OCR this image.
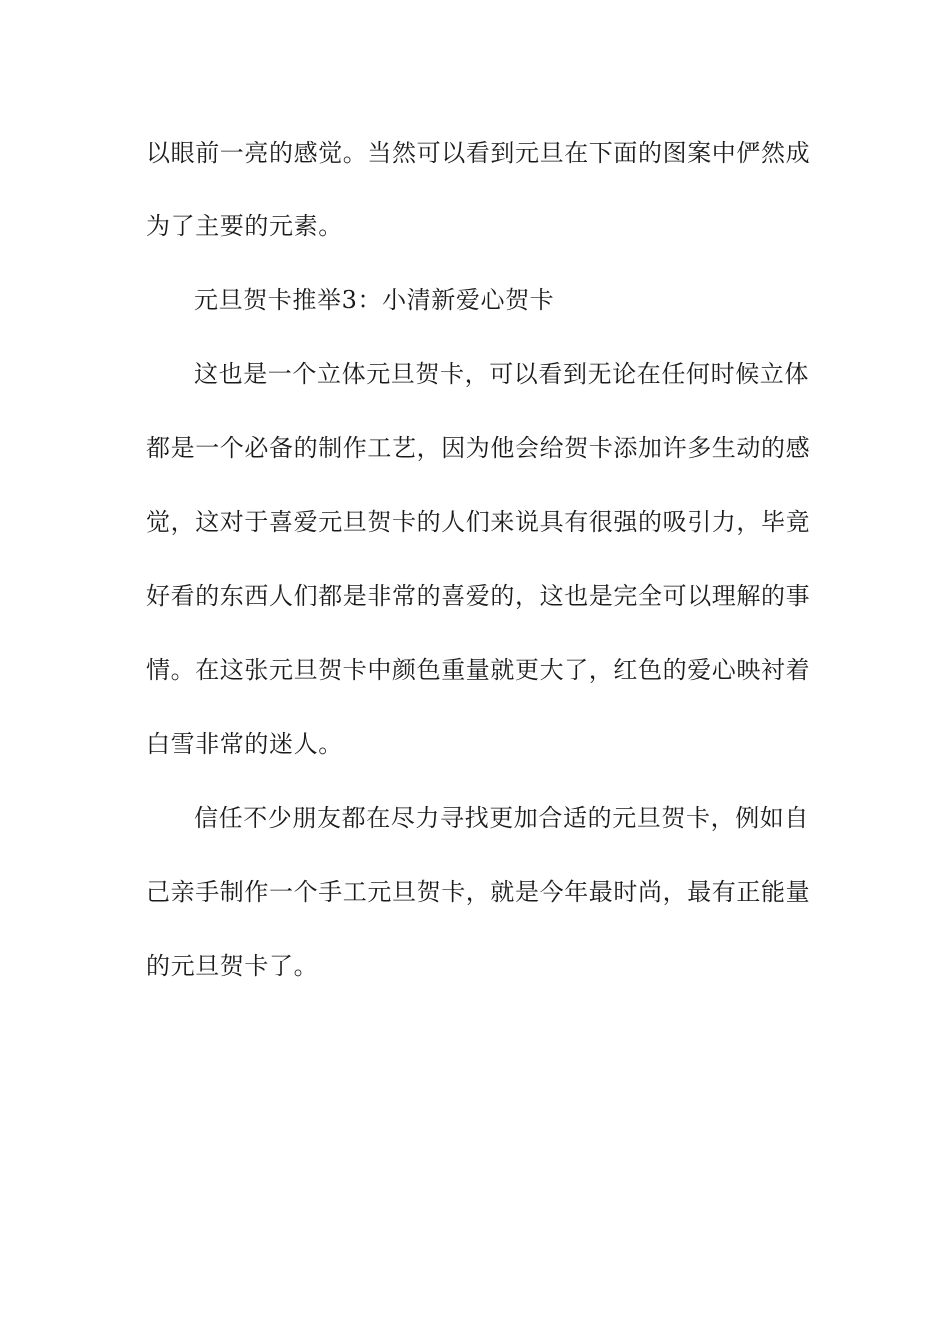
以眼前一亮的感觉。当然可以看到元旦在下面的图案中俨然成
为了主要的元素。
元旦贺卡推举3：小清新爱心贺卡
这也是一个立体元旦贺卡，可以看到无论在任何时候立体
都是一个必备的制作工艺，因为他会给贺卡添加许多生动的感
觉，这对于喜爱元旦贺卡的人们来说具有很强的吸引力，毕竟
好看的东西人们都是非常的喜爱的，这也是完全可以理解的事
情。在这张元旦贺卡中颜色重量就更大了，红色的爱心映衬着
白雪非常的迷人。
信任不少朋友都在尽力寻找更加合适的元旦贺卡，例如自
己亲手制作一个手工元旦贺卡，就是今年最时尚，最有正能量
的元旦贺卡了。
